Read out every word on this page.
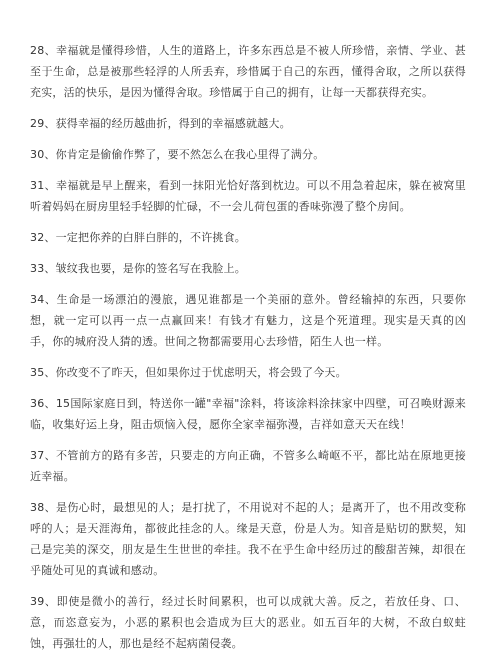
28、幸福就是懂得珍惜，人生的道路上，许多东西总是不被人所珍惜，亲情、学业、甚至于生命，总是被那些轻浮的人所丢弃，珍惜属于自己的东西，懂得舍取，之所以获得充实，活的快乐，是因为懂得舍取。珍惜属于自己的拥有，让每一天都获得充实。

29、获得幸福的经历越曲折，得到的幸福感就越大。

30、你肯定是偷偷作弊了，要不然怎么在我心里得了满分。

31、幸福就是早上醒来，看到一抹阳光恰好落到枕边。可以不用急着起床，躲在被窝里听着妈妈在厨房里轻手轻脚的忙碌，不一会儿荷包蛋的香味弥漫了整个房间。

32、一定把你养的白胖白胖的，不许挑食。

33、皱纹我也要，是你的签名写在我脸上。

34、生命是一场漂泊的漫旅，遇见谁都是一个美丽的意外。曾经输掉的东西，只要你想，就一定可以再一点一点赢回来！有钱才有魅力，这是个死道理。现实是天真的凶手，你的城府没人猜的透。世间之物都需要用心去珍惜，陌生人也一样。

35、你改变不了昨天，但如果你过于忧虑明天，将会毁了今天。

36、15国际家庭日到，特送你一罐"幸福"涂料，将该涂料涂抹家中四壁，可召唤财源来临，收集好运上身，阻击烦恼入侵，愿你全家幸福弥漫，吉祥如意天天在线！

37、不管前方的路有多苦，只要走的方向正确，不管多么崎岖不平，都比站在原地更接近幸福。

38、是伤心时，最想见的人；是打扰了，不用说对不起的人；是离开了，也不用改变称呼的人；是天涯海角，都彼此挂念的人。缘是天意，份是人为。知音是贴切的默契，知己是完美的深交，朋友是生生世世的牵挂。我不在乎生命中经历过的酸甜苦辣，却很在乎随处可见的真诚和感动。

39、即使是微小的善行，经过长时间累积，也可以成就大善。反之，若放任身、口、意，而恣意妄为，小恶的累积也会造成为巨大的恶业。如五百年的大树，不敌白蚁蛀蚀，再强壮的人，那也是经不起病菌侵袭。
